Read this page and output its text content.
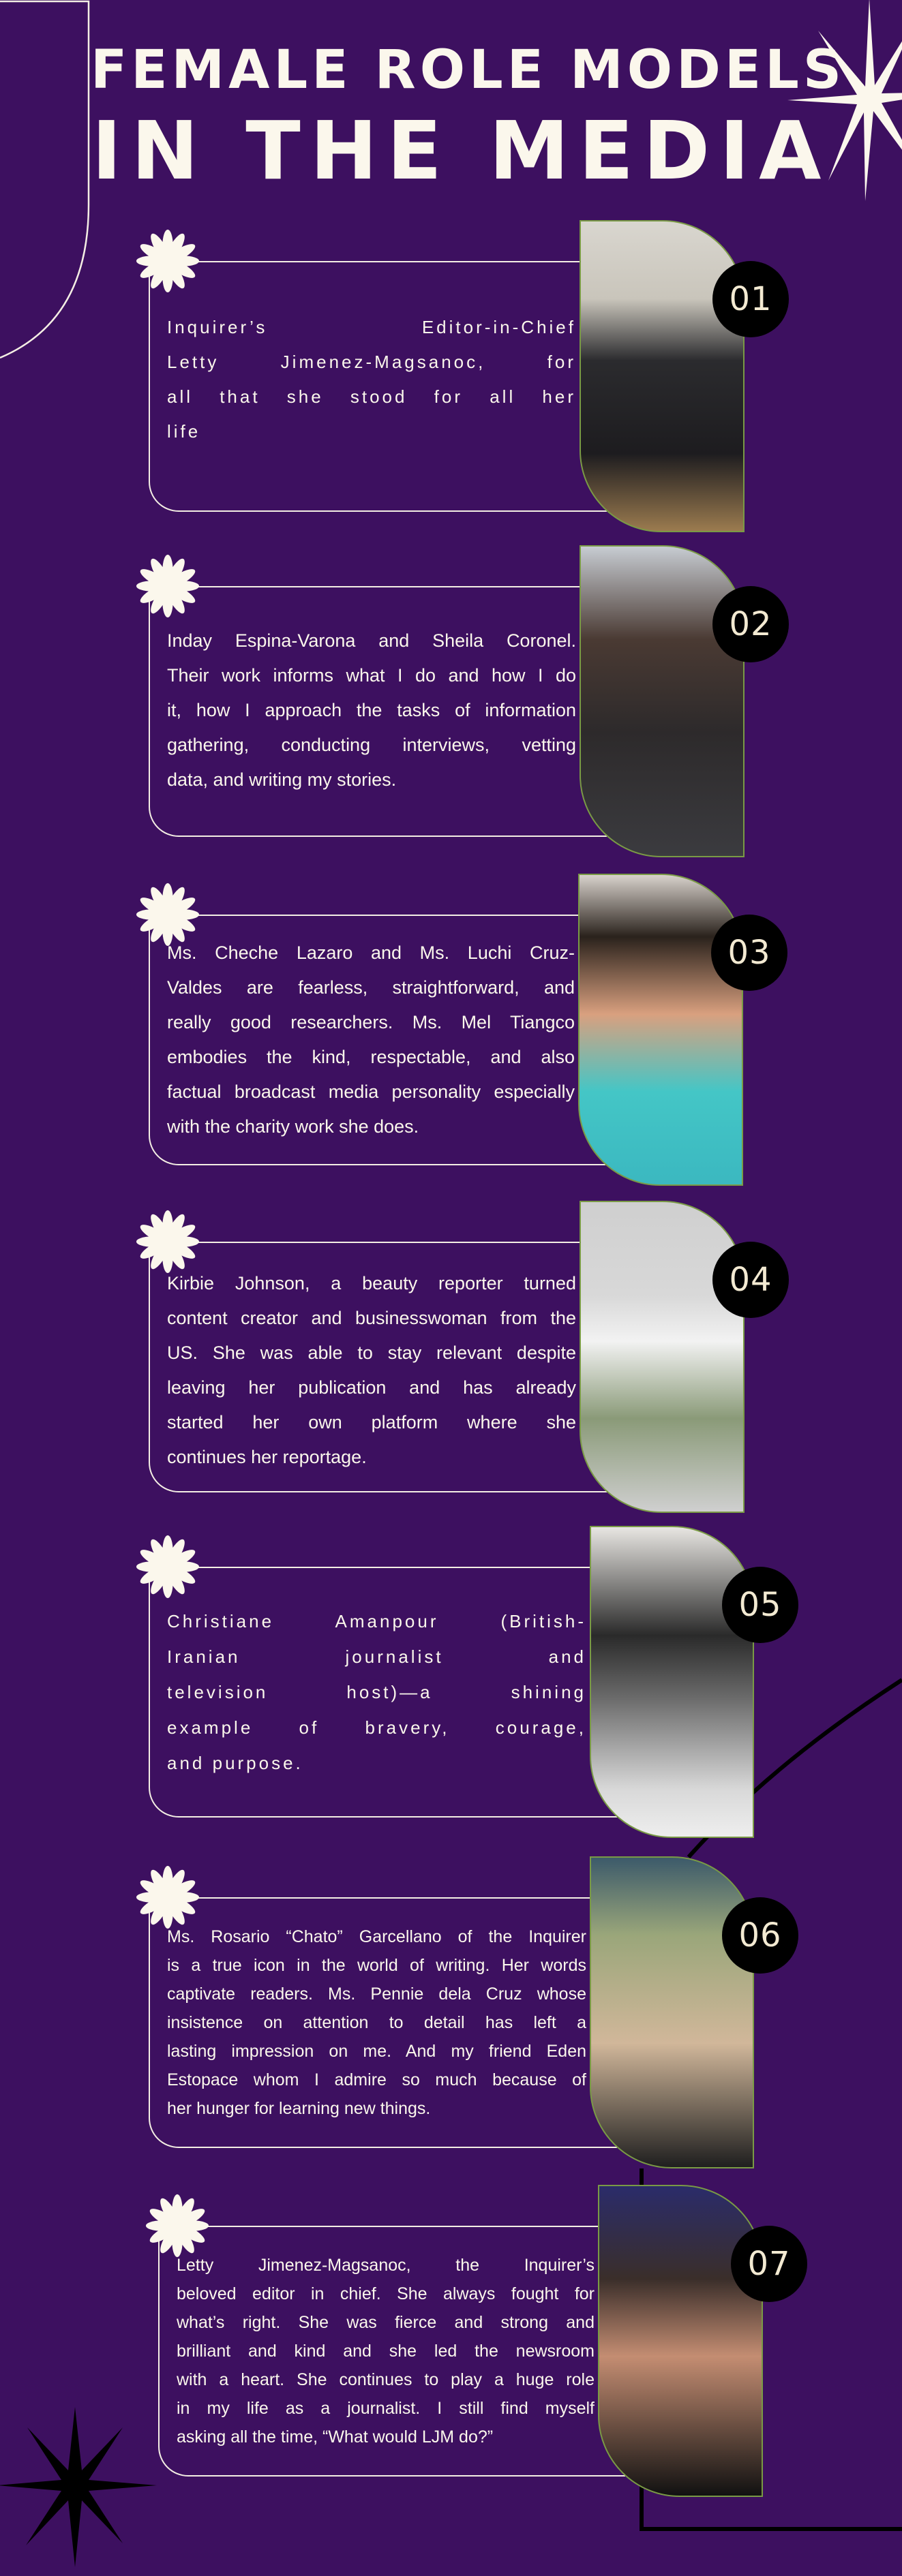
FEMALE ROLE MODELS
IN THE MEDIA
Inquirer’s Editor-in-Chief
Letty Jimenez-Magsanoc, for
all that she stood for all her
life
01
Inday Espina-Varona and Sheila Coronel.
Their work informs what I do and how I do
it, how I approach the tasks of information
gathering, conducting interviews, vetting
data, and writing my stories.
02
Ms. Cheche Lazaro and Ms. Luchi Cruz-
Valdes are fearless, straightforward, and
really good researchers. Ms. Mel Tiangco
embodies the kind, respectable, and also
factual broadcast media personality especially
with the charity work she does.
03
Kirbie Johnson, a beauty reporter turned
content creator and businesswoman from the
US. She was able to stay relevant despite
leaving her publication and has already
started her own platform where she
continues her reportage.
04
Christiane Amanpour (British-
Iranian journalist and
television host)—a shining
example of bravery, courage,
and purpose.
05
Ms. Rosario “Chato” Garcellano of the Inquirer
is a true icon in the world of writing. Her words
captivate readers. Ms. Pennie dela Cruz whose
insistence on attention to detail has left a
lasting impression on me. And my friend Eden
Estopace whom I admire so much because of
her hunger for learning new things.
06
Letty Jimenez-Magsanoc, the Inquirer’s
beloved editor in chief. She always fought for
what’s right. She was fierce and strong and
brilliant and kind and she led the newsroom
with a heart. She continues to play a huge role
in my life as a journalist. I still find myself
asking all the time, “What would LJM do?”
07
